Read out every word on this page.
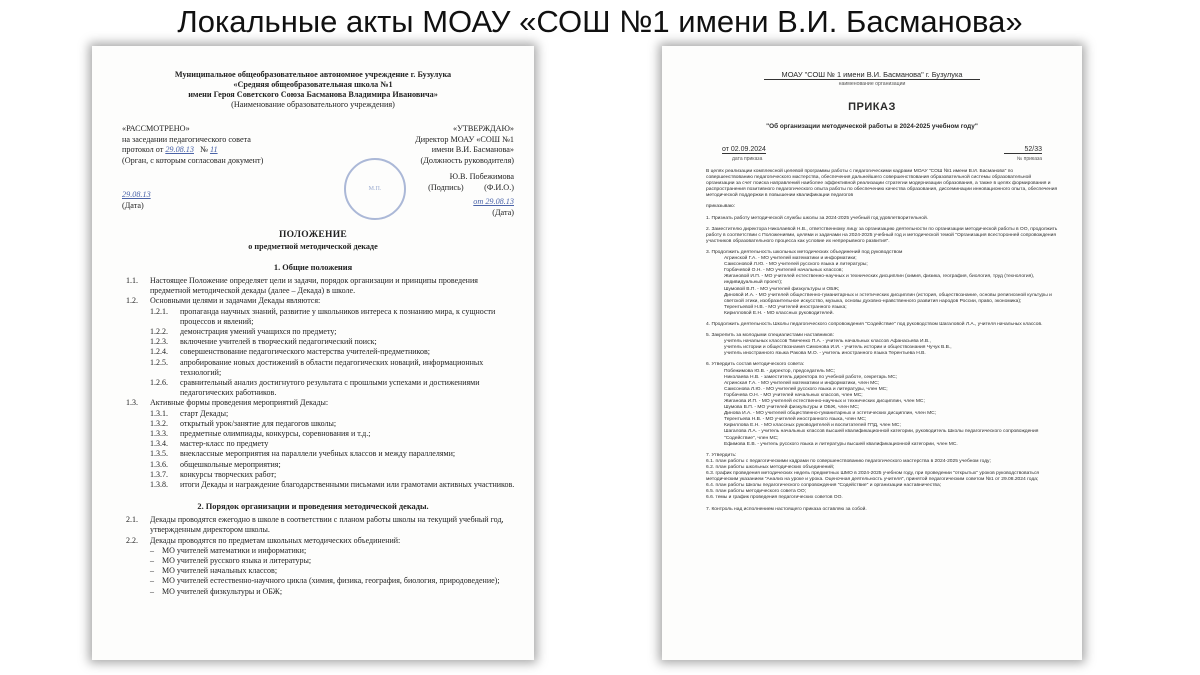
Локальные акты МОАУ «СОШ №1 имени В.И. Басманова»
Муниципальное общеобразовательное автономное учреждение г. Бузулука
«Средняя общеобразовательная школа №1
имени Героя Советского Союза Басманова Владимира Ивановича»
(Наименование образовательного учреждения)
«РАССМОТРЕНО»
на заседании педагогического совета
протокол от 29.08.13 № 11
(Орган, с которым согласован документ)
29.08.13
(Дата)
М.П.
«УТВЕРЖДАЮ»
Директор МОАУ «СОШ №1
имени В.И. Басманова»
(Должность руководителя)
Ю.В. Побежимова
(Подпись) (Ф.И.О.)
от 29.08.13
(Дата)
ПОЛОЖЕНИЕ
о предметной методической декаде
1. Общие положения
1.1.	Настоящее Положение определяет цели и задачи, порядок организации и принципы проведения предметной методической декады (далее – Декада) в школе.
1.2.	Основными целями и задачами Декады являются:
1.2.1.	пропаганда научных знаний, развитие у школьников интереса к познанию мира, к сущности процессов и явлений;
1.2.2.	демонстрация умений учащихся по предмету;
1.2.3.	включение учителей в творческий педагогический поиск;
1.2.4.	совершенствование педагогического мастерства учителей-предметников;
1.2.5.	апробирование новых достижений в области педагогических новаций, информационных технологий;
1.2.6.	сравнительный анализ достигнутого результата с прошлыми успехами и достижениями педагогических работников.
1.3.	Активные формы проведения мероприятий Декады:
1.3.1.	старт Декады;
1.3.2.	открытый урок/занятие для педагогов школы;
1.3.3.	предметные олимпиады, конкурсы, соревнования и т.д.;
1.3.4.	мастер-класс по предмету
1.3.5.	внеклассные мероприятия на параллели учебных классов и между параллелями;
1.3.6.	общешкольные мероприятия;
1.3.7.	конкурсы творческих работ;
1.3.8.	итоги Декады и награждение благодарственными письмами или грамотами активных участников.
2. Порядок организации и проведения методической декады.
2.1.	Декады проводятся ежегодно в школе в соответствии с планом работы школы на текущий учебный год, утвержденным директором школы.
2.2.	Декады проводятся по предметам школьных методических объединений:
–	МО учителей математики и информатики;
–	МО учителей русского языка и литературы;
–	МО учителей начальных классов;
–	МО учителей естественно-научного цикла (химия, физика, география, биология, природоведение);
–	МО учителей физкультуры и ОБЖ;
МОАУ "СОШ № 1 имени В.И. Басманова" г. Бузулука
наименование организации
ПРИКАЗ
"Об организации методической работы в 2024-2025 учебном году"
от 02.09.2024	52/33
дата приказа	№ приказа
В целях реализации комплексной целевой программы работы с педагогическими кадрами МОАУ "СОШ №1 имени В.И. Басманова" по совершенствованию педагогического мастерства, обеспечения дальнейшего совершенствования образовательной системы образовательной организации за счет поиска направлений наиболее эффективной реализации стратегии модернизации образования, а также в целях формирования и распространения позитивного педагогического опыта работы по обеспечению качества образования, диссеминации инновационного опыта, обеспечения методической поддержки в повышении квалификации педагогов
приказываю:
1. Признать работу методической службы школы за 2024-2025 учебный год удовлетворительной.
2. Заместителю директора Николаевой Н.В., ответственному лицу за организацию деятельности по организации методической работы в ОО, продолжить работу в соответствии с Положениями, целями и задачами на 2024-2025 учебный год и методической темой "Организация всесторонней сопровождения участников образовательного процесса как условие их непрерывного развития".
3. Продолжить деятельность школьных методических объединений под руководством
Агринской Г.А. - МО учителей математики и информатики;
Самсоновой Л.Ю. - МО учителей русского языка и литературы;
Горбачевой О.Н. - МО учителей начальных классов;
Жигановой И.П. - МО учителей естественно-научных и технических дисциплин (химия, физика, география, биология, труд (технология), индивидуальный проект);
Шумовой В.П. - МО учителей физкультуры и ОБЖ;
Диновой И.А. - МО учителей общественно-гуманитарных и эстетических дисциплин (история, обществознание, основы религиозной культуры и светской этики, изобразительное искусство, музыка, основы духовно-нравственного развития народов России, право, экономика);
Терентьевой Н.В. - МО учителей иностранного языка;
Кирилловой Е.Н. - МО классных руководителей.
4. Продолжить деятельность Школы педагогического сопровождения "Содействие" под руководством Шагаловой Л.А., учителя начальных классов.
5. Закрепить за молодыми специалистами наставников:
учитель начальных классов Тимченко П.А. - учитель начальных классов Афанасьева И.В.,
учитель истории и обществознания Симонова И.И. - учитель истории и обществознания Чучук В.В.,
учитель иностранного языка Ракова М.О. - учитель иностранного языка Терентьева Н.В.
6. Утвердить состав методического совета:
Побежимова Ю.В. - директор, председатель МС;
Николаева Н.В. - заместитель директора по учебной работе, секретарь МС;
Агринская Г.А. - МО учителей математики и информатики, член МС;
Самсонова Л.Ю. - МО учителей русского языка и литературы, член МС;
Горбачева О.Н. - МО учителей начальных классов, член МС;
Жиганова И.П. - МО учителей естественно-научных и технических дисциплин, член МС;
Шумова В.П. - МО учителей физкультуры и ОБЖ, член МС;
Динова И.А. - МО учителей общественно-гуманитарных и эстетических дисциплин, член МС;
Терентьева Н.В. - МО учителей иностранного языка, член МС;
Кириллова Е.Н. - МО классных руководителей и воспитателей ГПД, член МС;
Шагалова Л.А. - учитель начальных классов высшей квалификационной категории, руководитель Школы педагогического сопровождения "Содействие", член МС;
Ефимова Е.В. - учитель русского языка и литературы высшей квалификационной категории, член МС.
7. Утвердить:
6.1. план работы с педагогическими кадрами по совершенствованию педагогического мастерства в 2024-2025 учебном году;
6.2. план работы школьных методических объединений;
6.3. график проведения методических недель предметных ШМО в 2024-2025 учебном году, при проведении "открытых" уроков руководствоваться методическим указанием "Анализ на уроке и урока. Оценочная деятельность учителя", принятой педагогическим советом №1 от 29.08.2024 года;
6.4. план работы Школы педагогического сопровождения "Содействие" и организации наставничества;
6.5. план работы методического совета ОО;
6.6. темы и график проведения педагогических советов ОО.
7. Контроль над исполнением настоящего приказа оставляю за собой.
